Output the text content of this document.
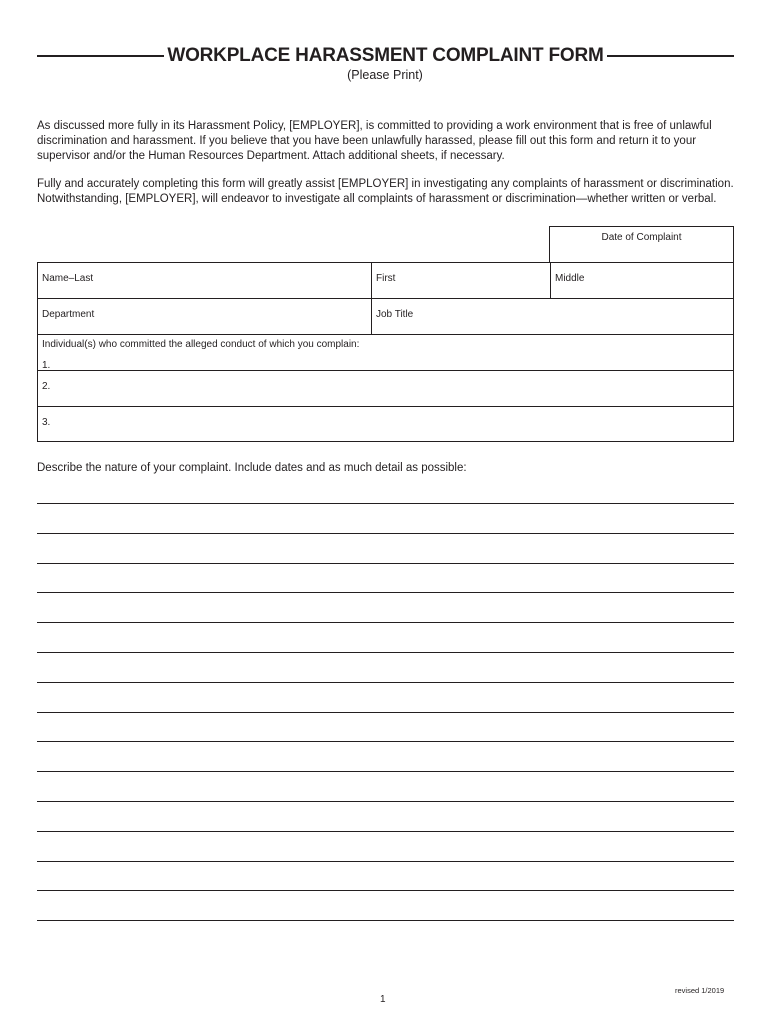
WORKPLACE HARASSMENT COMPLAINT FORM
(Please Print)

As discussed more fully in its Harassment Policy, [EMPLOYER], is committed to providing a work environment that is free of unlawful discrimination and harassment. If you believe that you have been unlawfully harassed, please fill out this form and return it to your supervisor and/or the Human Resources Department. Attach additional sheets, if necessary.

Fully and accurately completing this form will greatly assist [EMPLOYER] in investigating any complaints of harassment or discrimination. Notwithstanding, [EMPLOYER], will endeavor to investigate all complaints of harassment or discrimination—whether written or verbal.

Date of Complaint
Name–Last	First	Middle
Department	Job Title
Individual(s) who committed the alleged conduct of which you complain:
1.
2.
3.
Describe the nature of your complaint. Include dates and as much detail as possible:
revised 1/2019
1
